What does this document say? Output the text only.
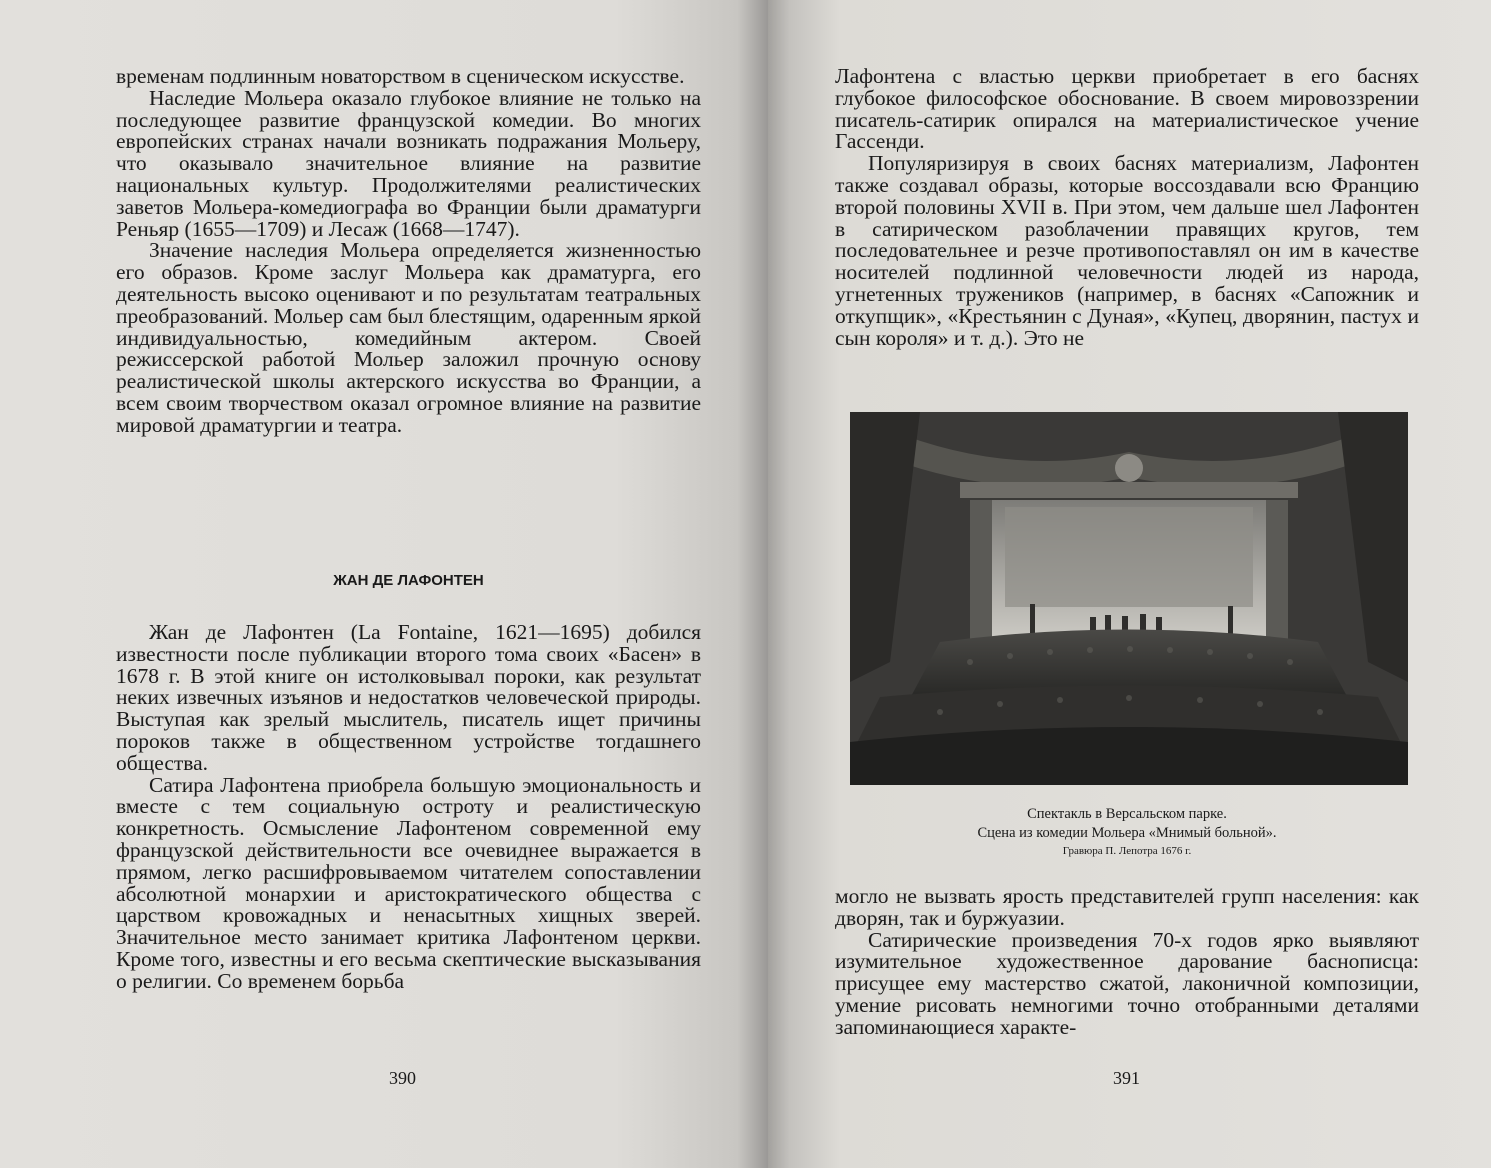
временам подлинным новаторством в сценическом искусстве.

Наследие Мольера оказало глубокое влияние не только на последующее развитие французской комедии. Во многих европейских странах начали возникать подражания Мольеру, что оказывало значительное влияние на развитие национальных культур. Продолжителями реалистических заветов Мольера-комедиографа во Франции были драматурги Реньяр (1655—1709) и Лесаж (1668—1747).

Значение наследия Мольера определяется жизненностью его образов. Кроме заслуг Мольера как драматурга, его деятельность высоко оценивают и по результатам театральных преобразований. Мольер сам был блестящим, одаренным яркой индивидуальностью, комедийным актером. Своей режиссерской работой Мольер заложил прочную основу реалистической школы актерского искусства во Франции, а всем своим творчеством оказал огромное влияние на развитие мировой драматургии и театра.

ЖАН ДЕ ЛАФОНТЕН

Жан де Лафонтен (La Fontaine, 1621—1695) добился известности после публикации второго тома своих «Басен» в 1678 г. В этой книге он истолковывал пороки, как результат неких извечных изъянов и недостатков человеческой природы. Выступая как зрелый мыслитель, писатель ищет причины пороков также в общественном устройстве тогдашнего общества.

Сатира Лафонтена приобрела большую эмоциональность и вместе с тем социальную остроту и реалистическую конкретность. Осмысление Лафонтеном современной ему французской действительности все очевиднее выражается в прямом, легко расшифровываемом читателем сопоставлении абсолютной монархии и аристократического общества с царством кровожадных и ненасытных хищных зверей. Значительное место занимает критика Лафонтеном церкви. Кроме того, известны и его весьма скептические высказывания о религии. Со временем борьба

390

Лафонтена с властью церкви приобретает в его баснях глубокое философское обоснование. В своем мировоззрении писатель-сатирик опирался на материалистическое учение Гассенди.

Популяризируя в своих баснях материализм, Лафонтен также создавал образы, которые воссоздавали всю Францию второй половины XVII в. При этом, чем дальше шел Лафонтен в сатирическом разоблачении правящих кругов, тем последовательнее и резче противопоставлял он им в качестве носителей подлинной человечности людей из народа, угнетенных тружеников (например, в баснях «Сапожник и откупщик», «Крестьянин с Дуная», «Купец, дворянин, пастух и сын короля» и т. д.). Это не

Спектакль в Версальском парке.
Сцена из комедии Мольера «Мнимый больной».
Гравюра П. Лепотра 1676 г.

могло не вызвать ярость представителей групп населения: как дворян, так и буржуазии.

Сатирические произведения 70-х годов ярко выявляют изумительное художественное дарование баснописца: присущее ему мастерство сжатой, лаконичной композиции, умение рисовать немногими точно отобранными деталями запоминающиеся характе-

391
